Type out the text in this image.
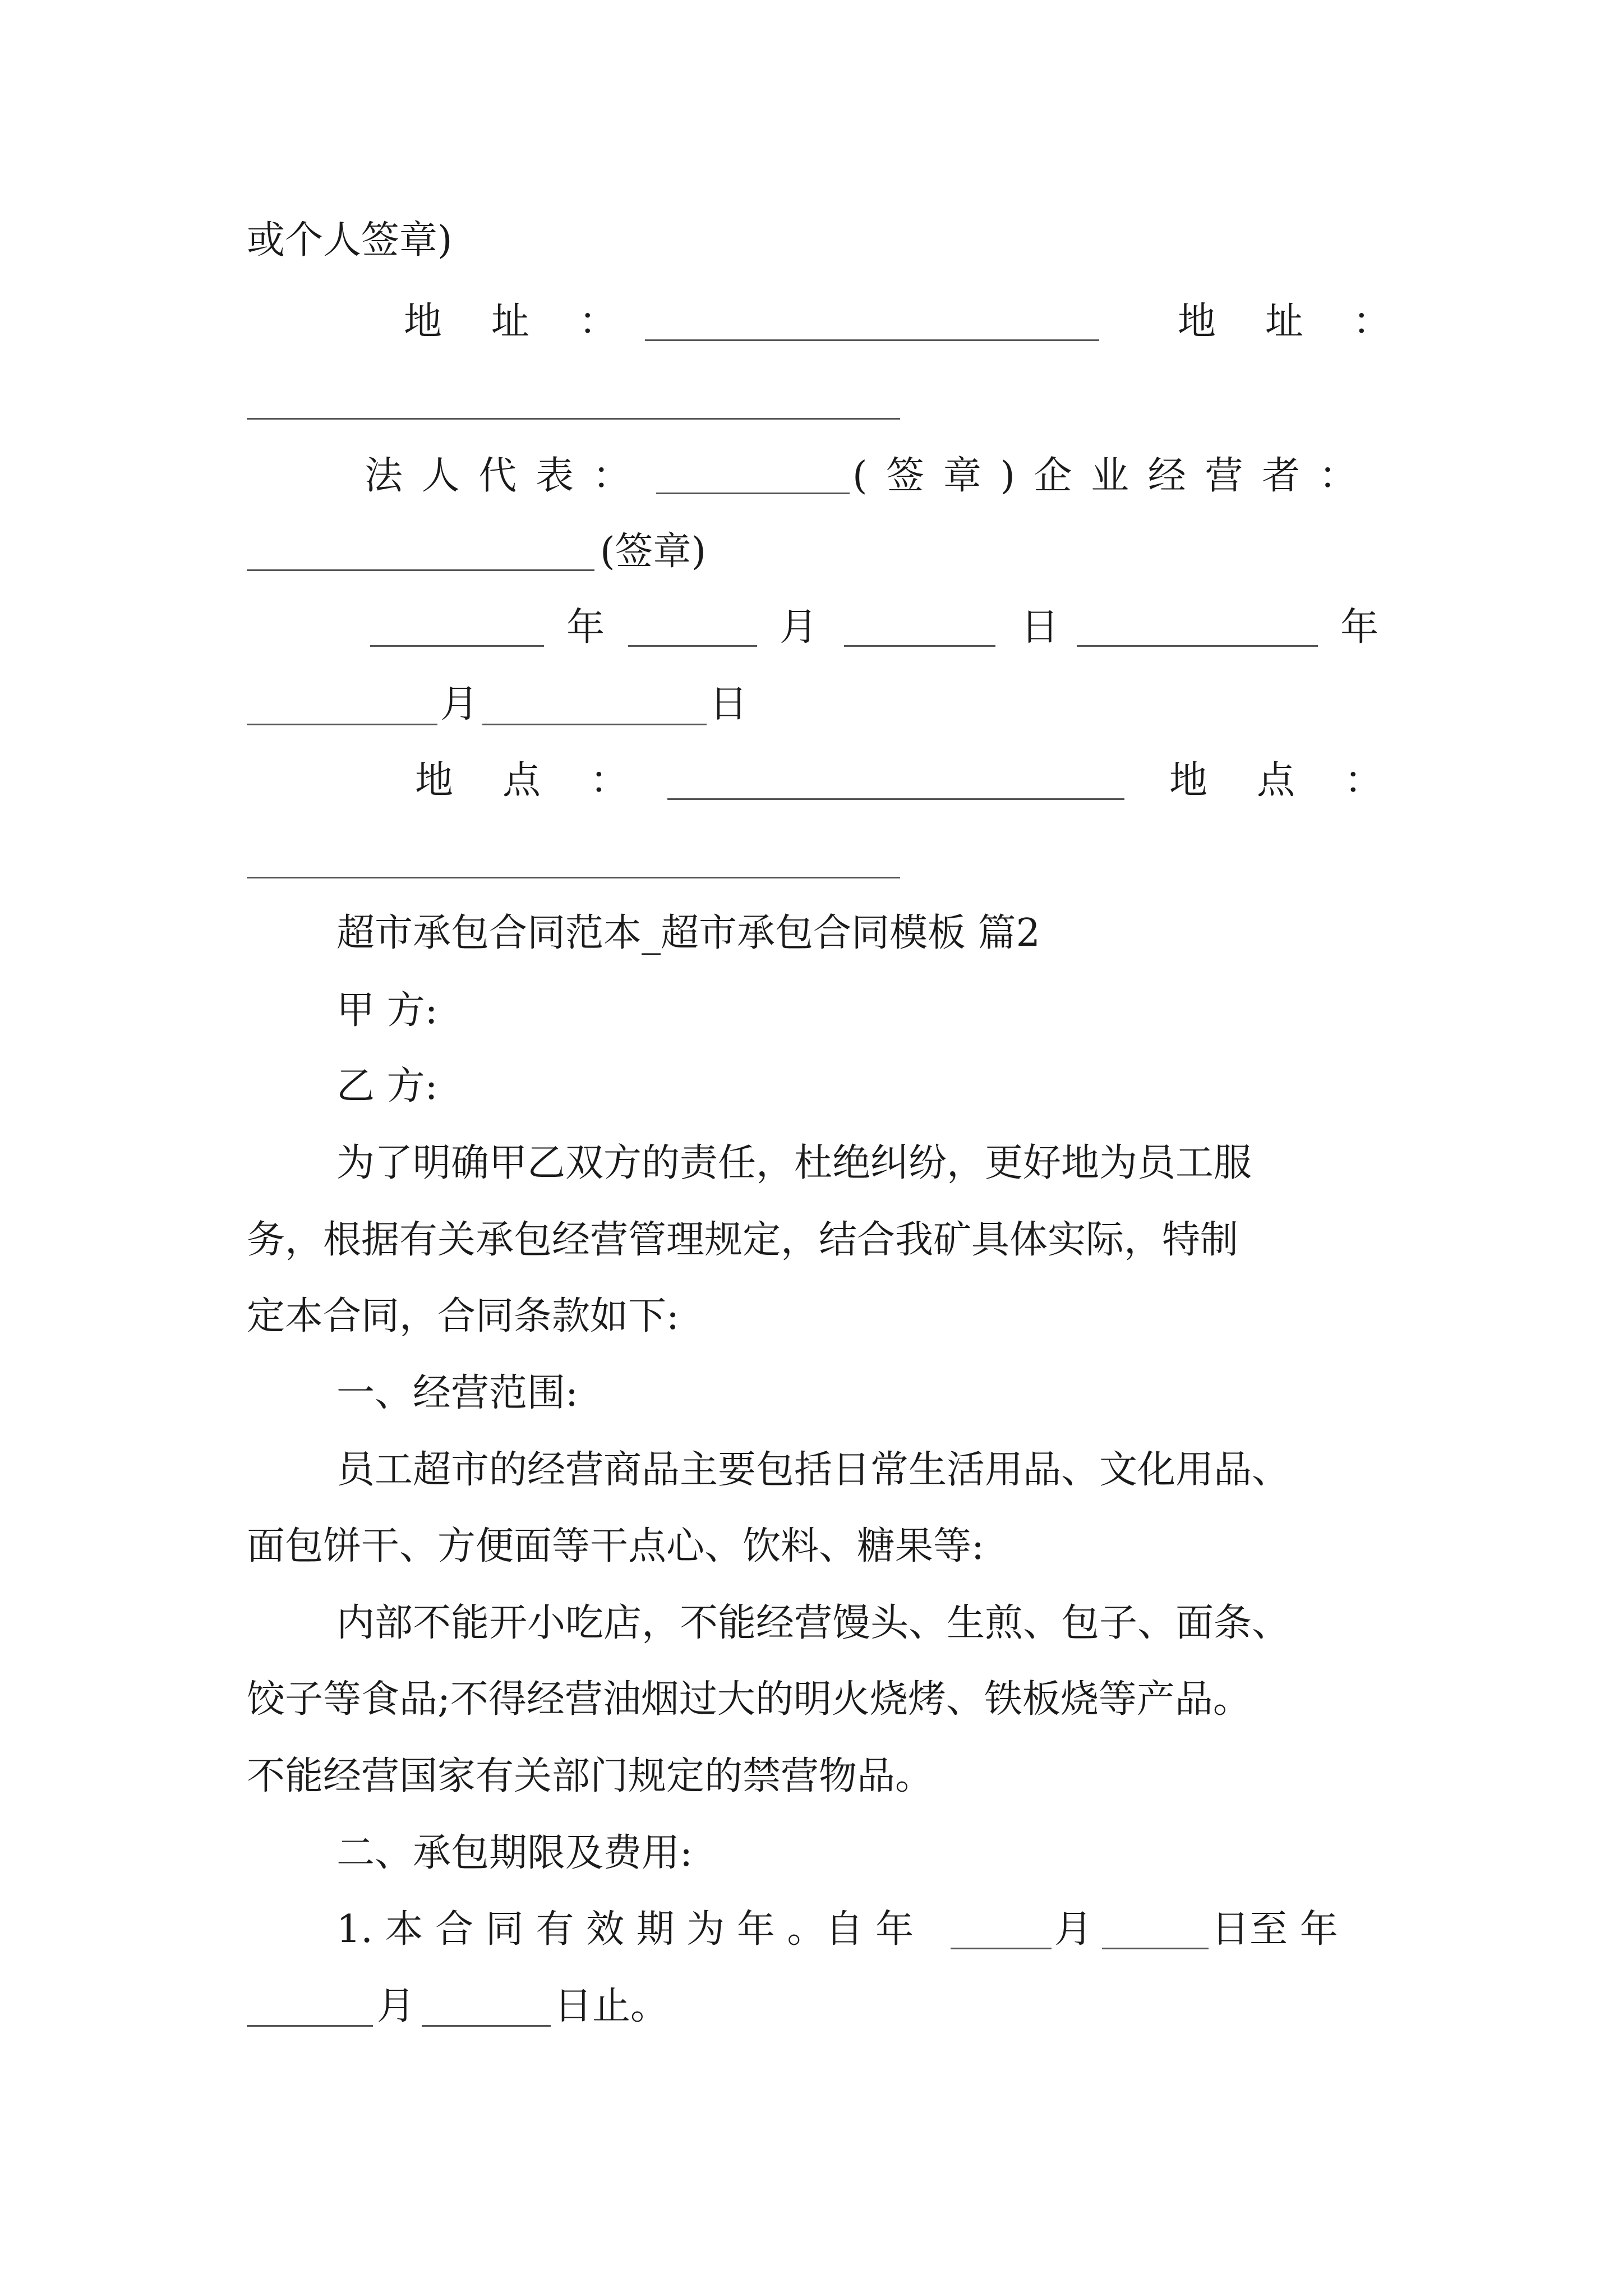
或个人签章)

地　址　：	地　址　：
法 人 代 表 ：	( 签 章 ) 企 业 经 营 者 ：
(签章)
年	月	日	年
月	日
地　点　：	地　点　：

超市承包合同范本_超市承包合同模板 篇2

甲 方:

乙 方:

为了明确甲乙双方的责任，杜绝纠纷，更好地为员工服

务，根据有关承包经营管理规定，结合我矿具体实际，特制

定本合同，合同条款如下:

一、经营范围:

员工超市的经营商品主要包括日常生活用品、文化用品、

面包饼干、方便面等干点心、饮料、糖果等:

内部不能开小吃店，不能经营馒头、生煎、包子、面条、

饺子等食品;不得经营油烟过大的明火烧烤、铁板烧等产品。

不能经营国家有关部门规定的禁营物品。

二、承包期限及费用:

1. 本 合 同 有 效 期 为 年 。自 年	月	日至 年
月	日止。
